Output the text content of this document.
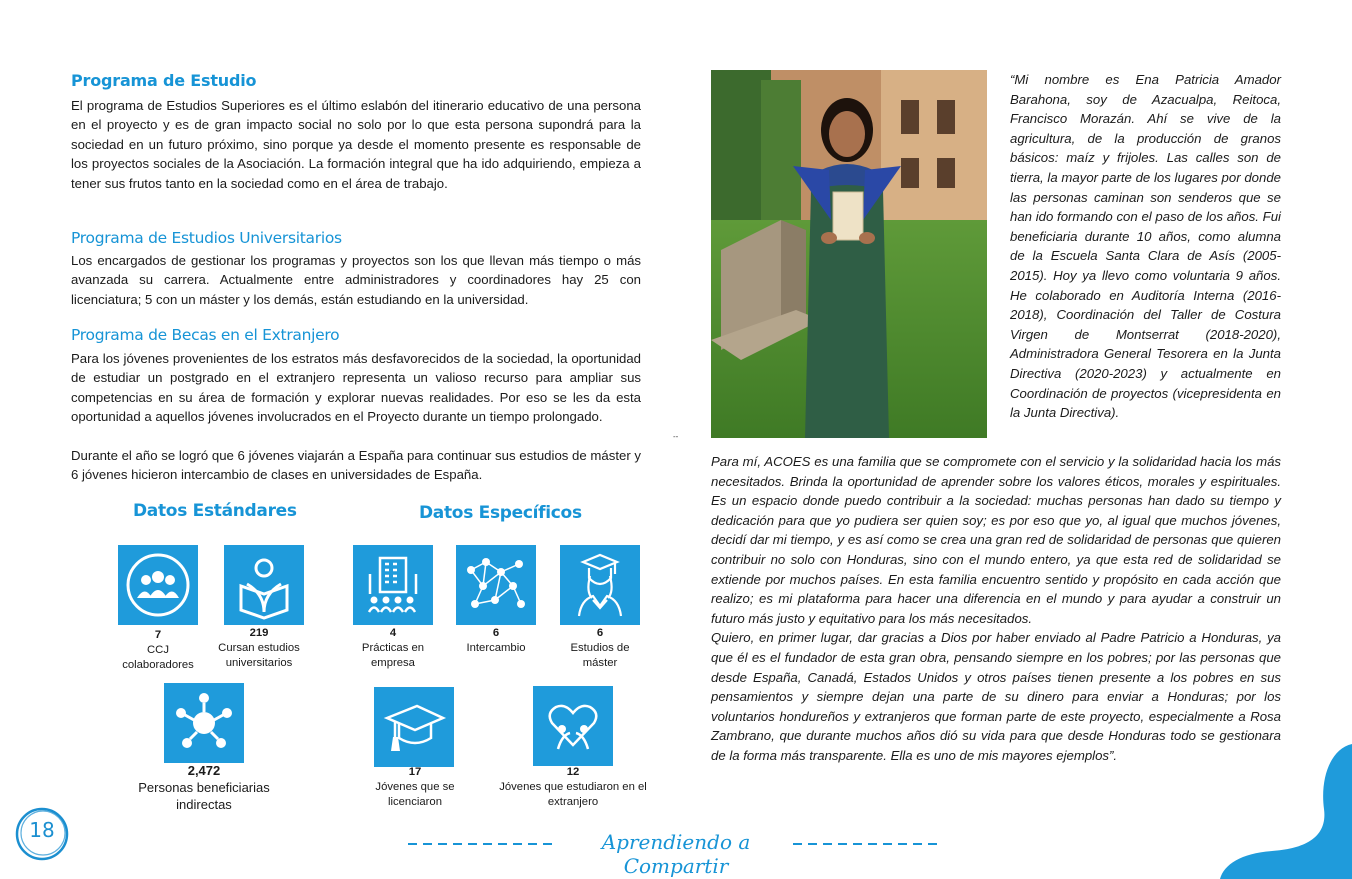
Programa de Estudio
El programa de Estudios Superiores es el último eslabón del itinerario educativo de una persona en el proyecto y es de gran impacto social no solo por lo que esta persona supondrá para la sociedad en un futuro próximo, sino porque ya desde el momento presente es responsable de los proyectos sociales de la Asociación. La formación integral que ha ido adquiriendo, empieza a tener sus frutos tanto en la sociedad como en el área de trabajo.
Programa de Estudios Universitarios
Los encargados de gestionar los programas y proyectos son los que llevan más tiempo o más avanzada su carrera. Actualmente entre administradores y coordinadores hay 25 con licenciatura; 5 con un máster y los demás, están estudiando en la universidad.
Programa de Becas en el Extranjero
Para los jóvenes provenientes de los estratos más desfavorecidos de la sociedad, la oportunidad de estudiar un postgrado en el extranjero representa un valioso recurso para ampliar sus competencias en su área de formación y explorar nuevas realidades. Por eso se les da esta oportunidad a aquellos jóvenes involucrados en el Proyecto durante un tiempo prolongado.
Durante el año se logró que 6 jóvenes viajarán a España para continuar sus estudios de máster y 6 jóvenes hicieron intercambio de clases en universidades de España.
Datos Estándares
7
CCJ colaboradores
219
Cursan estudios universitarios
2,472
Personas beneficiarias indirectas
Datos Específicos
4
Prácticas en empresa
6
Intercambio
6
Estudios de máster
17
Jóvenes que se licenciaron
12
Jóvenes que estudiaron en el extranjero
--
“Mi nombre es Ena Patricia Amador Barahona, soy de Azacualpa, Reitoca, Francisco Morazán. Ahí se vive de la agricultura, de la producción de granos básicos: maíz y frijoles. Las calles son de tierra, la mayor parte de los lugares por donde las personas caminan son senderos que se han ido formando con el paso de los años. Fui beneficiaria durante 10 años, como alumna de la Escuela Santa Clara de Asís (2005-2015). Hoy ya llevo como voluntaria 9 años. He colaborado en Auditoría Interna (2016-2018), Coordinación del Taller de Costura Virgen de Montserrat (2018-2020), Administradora General Tesorera en la Junta Directiva (2020-2023) y actualmente en Coordinación de proyectos (vicepresidenta en la Junta Directiva).

Para mí, ACOES es una familia que se compromete con el servicio y la solidaridad hacia los más necesitados. Brinda la oportunidad de aprender sobre los valores éticos, morales y espirituales. Es un espacio donde puedo contribuir a la sociedad: muchas personas han dado su tiempo y dedicación para que yo pudiera ser quien soy; es por eso que yo, al igual que muchos jóvenes, decidí dar mi tiempo, y es así como se crea una gran red de solidaridad de personas que quieren contribuir no solo con Honduras, sino con el mundo entero, ya que esta red de solidaridad se extiende por muchos países. En esta familia encuentro sentido y propósito en cada acción que realizo; es mi plataforma para hacer una diferencia en el mundo y para ayudar a construir un futuro más justo y equitativo para los más necesitados.

Quiero, en primer lugar, dar gracias a Dios por haber enviado al Padre Patricio a Honduras, ya que él es el fundador de esta gran obra, pensando siempre en los pobres; por las personas que desde España, Canadá, Estados Unidos y otros países tienen presente a los pobres en sus pensamientos y siempre dejan una parte de su dinero para enviar a Honduras; por los voluntarios hondureños y extranjeros que forman parte de este proyecto, especialmente a Rosa Zambrano, que durante muchos años dió su vida para que desde Honduras todo se gestionara de la forma más transparente. Ella es uno de mis mayores ejemplos”.

18	Aprendiendo a Compartir
